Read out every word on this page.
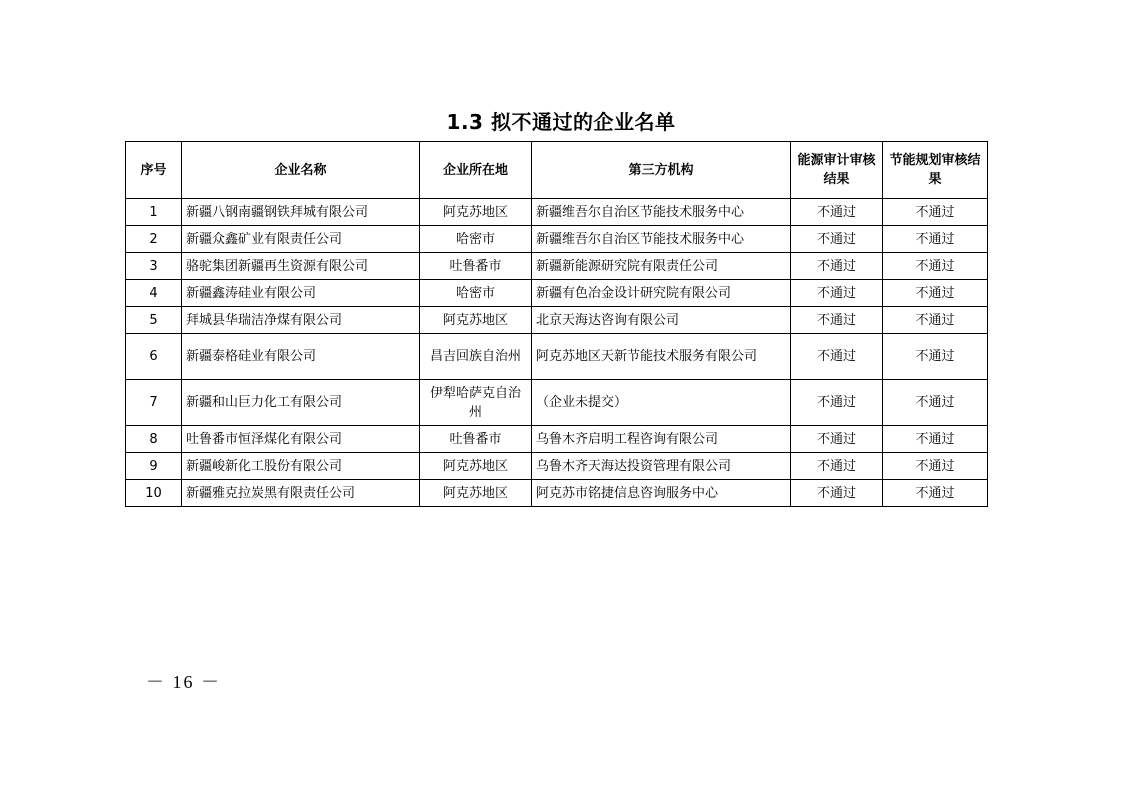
1.3 拟不通过的企业名单
序号	企业名称	企业所在地	第三方机构	能源审计审核结果	节能规划审核结果
1	新疆八钢南疆钢铁拜城有限公司	阿克苏地区	新疆维吾尔自治区节能技术服务中心	不通过	不通过
2	新疆众鑫矿业有限责任公司	哈密市	新疆维吾尔自治区节能技术服务中心	不通过	不通过
3	骆驼集团新疆再生资源有限公司	吐鲁番市	新疆新能源研究院有限责任公司	不通过	不通过
4	新疆鑫涛硅业有限公司	哈密市	新疆有色冶金设计研究院有限公司	不通过	不通过
5	拜城县华瑞洁净煤有限公司	阿克苏地区	北京天海达咨询有限公司	不通过	不通过
6	新疆泰格硅业有限公司	昌吉回族自治州	阿克苏地区天新节能技术服务有限公司	不通过	不通过
7	新疆和山巨力化工有限公司	伊犁哈萨克自治州	（企业未提交）	不通过	不通过
8	吐鲁番市恒泽煤化有限公司	吐鲁番市	乌鲁木齐启明工程咨询有限公司	不通过	不通过
9	新疆峻新化工股份有限公司	阿克苏地区	乌鲁木齐天海达投资管理有限公司	不通过	不通过
10	新疆雅克拉炭黑有限责任公司	阿克苏地区	阿克苏市铭捷信息咨询服务中心	不通过	不通过
－ 16 －
